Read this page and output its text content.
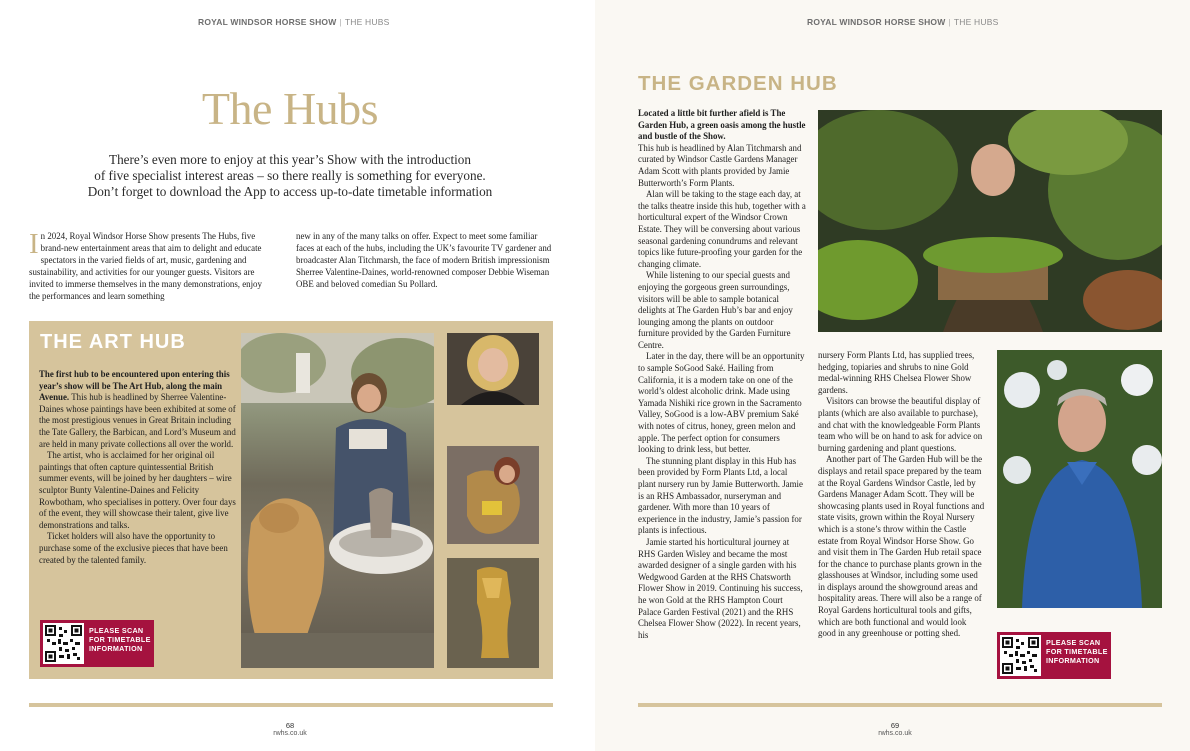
ROYAL WINDSOR HORSE SHOW | THE HUBS
The Hubs
There’s even more to enjoy at this year’s Show with the introduction
of five specialist interest areas – so there really is something for everyone.
Don’t forget to download the App to access up-to-date timetable information
In 2024, Royal Windsor Horse Show presents The Hubs, five brand-new entertainment areas that aim to delight and educate spectators in the varied fields of art, music, gardening and sustainability, and activities for our younger guests. Visitors are invited to immerse themselves in the many demonstrations, enjoy the performances and learn something
new in any of the many talks on offer. Expect to meet some familiar faces at each of the hubs, including the UK’s favourite TV gardener and broadcaster Alan Titchmarsh, the face of modern British impressionism Sherree Valentine-Daines, world-renowned composer Debbie Wiseman OBE and beloved comedian Su Pollard.
THE ART HUB

The first hub to be encountered upon entering this year’s show will be The Art Hub, along the main Avenue. This hub is headlined by Sherree Valentine-Daines whose paintings have been exhibited at some of the most prestigious venues in Great Britain including the Tate Gallery, the Barbican, and Lord’s Museum and are held in many private collections all over the world.

The artist, who is acclaimed for her original oil paintings that often capture quintessential British summer events, will be joined by her daughters – wire sculptor Bunty Valentine-Daines and Felicity Rowbotham, who specialises in pottery. Over four days of the event, they will showcase their talent, give live demonstrations and talks.

Ticket holders will also have the opportunity to purchase some of the exclusive pieces that have been created by the talented family.

PLEASE SCAN FOR TIMETABLE INFORMATION
68
rwhs.co.uk
ROYAL WINDSOR HORSE SHOW | THE HUBS
69
rwhs.co.uk
THE GARDEN HUB

Located a little bit further afield is The Garden Hub, a green oasis among the hustle and bustle of the Show.

This hub is headlined by Alan Titchmarsh and curated by Windsor Castle Gardens Manager Adam Scott with plants provided by Jamie Butterworth’s Form Plants.

Alan will be taking to the stage each day, at the talks theatre inside this hub, together with a horticultural expert of the Windsor Crown Estate. They will be conversing about various seasonal gardening conundrums and relevant topics like future-proofing your garden for the changing climate.

While listening to our special guests and enjoying the gorgeous green surroundings, visitors will be able to sample botanical delights at The Garden Hub’s bar and enjoy lounging among the plants on outdoor furniture provided by the Garden Furniture Centre.

Later in the day, there will be an opportunity to sample SoGood Saké. Hailing from California, it is a modern take on one of the world’s oldest alcoholic drink. Made using Yamada Nishiki rice grown in the Sacramento Valley, SoGood is a low-ABV premium Saké with notes of citrus, honey, green melon and apple. The perfect option for consumers looking to drink less, but better.

The stunning plant display in this Hub has been provided by Form Plants Ltd, a local plant nursery run by Jamie Butterworth. Jamie is an RHS Ambassador, nurseryman and gardener. With more than 10 years of experience in the industry, Jamie’s passion for plants is infectious.

Jamie started his horticultural journey at RHS Garden Wisley and became the most awarded designer of a single garden with his Wedgwood Garden at the RHS Chatsworth Flower Show in 2019. Continuing his success, he won Gold at the RHS Hampton Court Palace Garden Festival (2021) and the RHS Chelsea Flower Show (2022). In recent years, his

nursery Form Plants Ltd, has supplied trees, hedging, topiaries and shrubs to nine Gold medal-winning RHS Chelsea Flower Show gardens.

Visitors can browse the beautiful display of plants (which are also available to purchase), and chat with the knowledgeable Form Plants team who will be on hand to ask for advice on burning gardening and plant questions.

Another part of The Garden Hub will be the displays and retail space prepared by the team at the Royal Gardens Windsor Castle, led by Gardens Manager Adam Scott. They will be showcasing plants used in Royal functions and state visits, grown within the Royal Nursery which is a stone’s throw within the Castle estate from Royal Windsor Horse Show. Go and visit them in The Garden Hub retail space for the chance to purchase plants grown in the glasshouses at Windsor, including some used in displays around the showground areas and hospitality areas. There will also be a range of Royal Gardens horticultural tools and gifts, which are both functional and would look good in any greenhouse or potting shed.

PLEASE SCAN FOR TIMETABLE INFORMATION
